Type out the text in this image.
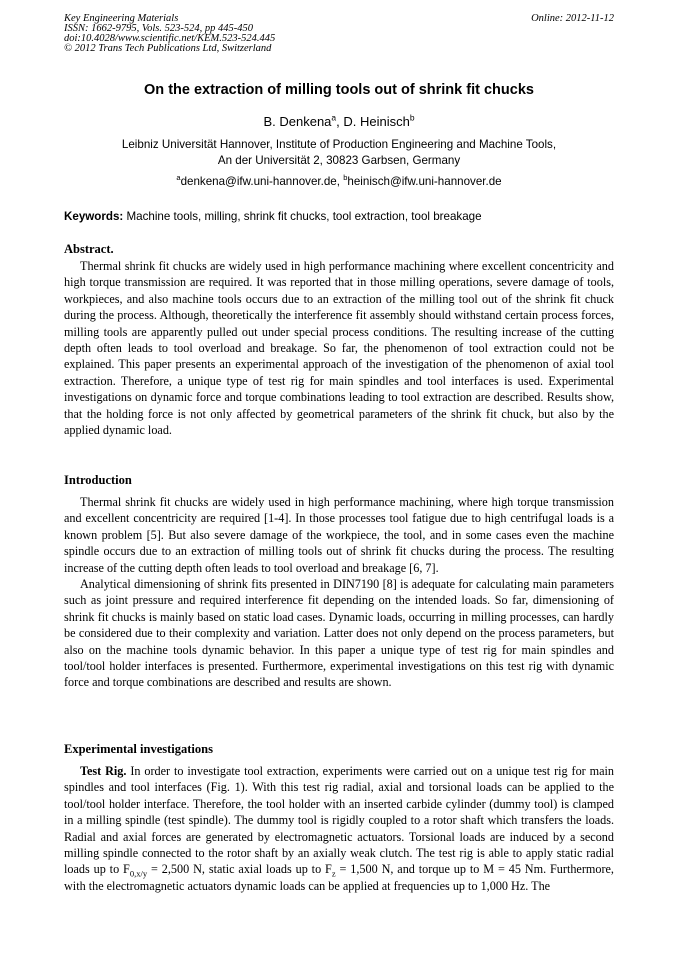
Key Engineering Materials
ISSN: 1662-9795, Vols. 523-524, pp 445-450
doi:10.4028/www.scientific.net/KEM.523-524.445
© 2012 Trans Tech Publications Ltd, Switzerland
Online: 2012-11-12
On the extraction of milling tools out of shrink fit chucks
B. Denkena$^a$, D. Heinisch$^b$
Leibniz Universität Hannover, Institute of Production Engineering and Machine Tools,
An der Universität 2, 30823 Garbsen, Germany
$^a$denkena@ifw.uni-hannover.de, $^b$heinisch@ifw.uni-hannover.de
Keywords: Machine tools, milling, shrink fit chucks, tool extraction, tool breakage
Abstract.

Thermal shrink fit chucks are widely used in high performance machining where excellent concentricity and high torque transmission are required. It was reported that in those milling operations, severe damage of tools, workpieces, and also machine tools occurs due to an extraction of the milling tool out of the shrink fit chuck during the process. Although, theoretically the interference fit assembly should withstand certain process forces, milling tools are apparently pulled out under special process conditions. The resulting increase of the cutting depth often leads to tool overload and breakage. So far, the phenomenon of tool extraction could not be explained. This paper presents an experimental approach of the investigation of the phenomenon of axial tool extraction. Therefore, a unique type of test rig for main spindles and tool interfaces is used. Experimental investigations on dynamic force and torque combinations leading to tool extraction are described. Results show, that the holding force is not only affected by geometrical parameters of the shrink fit chuck, but also by the applied dynamic load.

Introduction

Thermal shrink fit chucks are widely used in high performance machining, where high torque transmission and excellent concentricity are required [1-4]. In those processes tool fatigue due to high centrifugal loads is a known problem [5]. But also severe damage of the workpiece, the tool, and in some cases even the machine spindle occurs due to an extraction of milling tools out of shrink fit chucks during the process. The resulting increase of the cutting depth often leads to tool overload and breakage [6, 7].

Analytical dimensioning of shrink fits presented in DIN7190 [8] is adequate for calculating main parameters such as joint pressure and required interference fit depending on the intended loads. So far, dimensioning of shrink fit chucks is mainly based on static load cases. Dynamic loads, occurring in milling processes, can hardly be considered due to their complexity and variation. Latter does not only depend on the process parameters, but also on the machine tools dynamic behavior. In this paper a unique type of test rig for main spindles and tool/tool holder interfaces is presented. Furthermore, experimental investigations on this test rig with dynamic force and torque combinations are described and results are shown.

Experimental investigations

Test Rig. In order to investigate tool extraction, experiments were carried out on a unique test rig for main spindles and tool interfaces (Fig. 1). With this test rig radial, axial and torsional loads can be applied to the tool/tool holder interface. Therefore, the tool holder with an inserted carbide cylinder (dummy tool) is clamped in a milling spindle (test spindle). The dummy tool is rigidly coupled to a rotor shaft which transfers the loads. Radial and axial forces are generated by electromagnetic actuators. Torsional loads are induced by a second milling spindle connected to the rotor shaft by an axially weak clutch. The test rig is able to apply static radial loads up to $F_{0,x/y} = 2,500$ N, static axial loads up to $F_z = 1,500$ N, and torque up to M = 45 Nm. Furthermore, with the electromagnetic actuators dynamic loads can be applied at frequencies up to 1,000 Hz. The
